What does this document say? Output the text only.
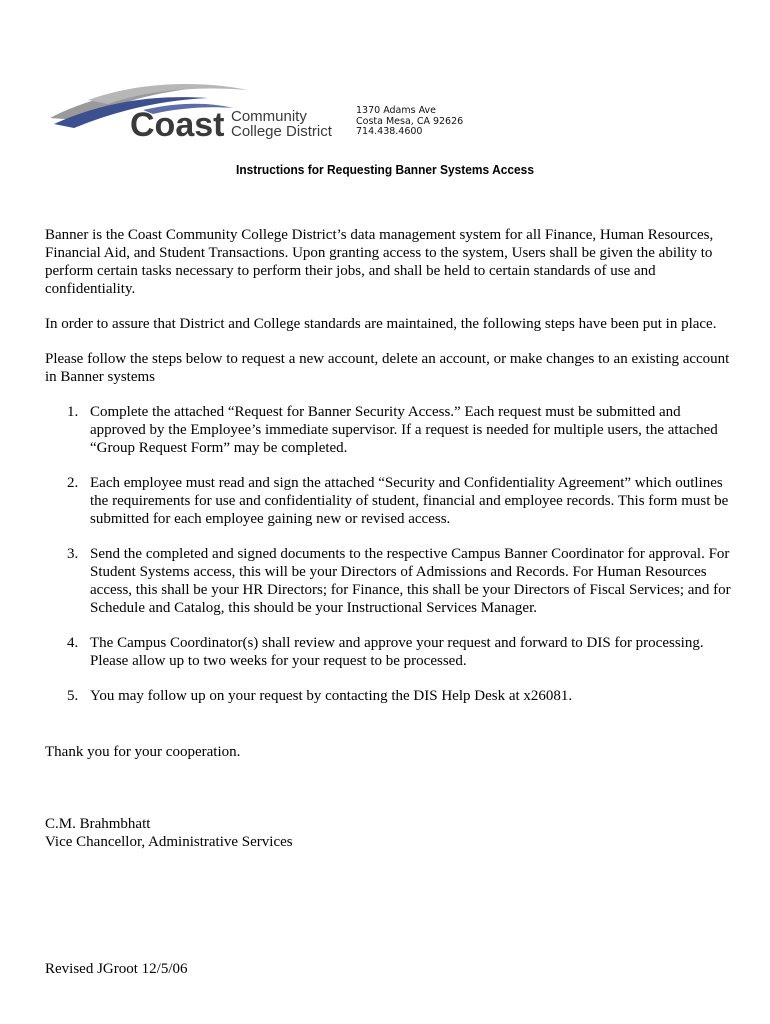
Coast Community
College District
1370 Adams Ave
Costa Mesa, CA 92626
714.438.4600
Instructions for Requesting Banner Systems Access

Banner is the Coast Community College District’s data management system for all Finance, Human Resources, Financial Aid, and Student Transactions. Upon granting access to the system, Users shall be given the ability to perform certain tasks necessary to perform their jobs, and shall be held to certain standards of use and confidentiality.

In order to assure that District and College standards are maintained, the following steps have been put in place.

Please follow the steps below to request a new account, delete an account, or make changes to an existing account in Banner systems

1. Complete the attached “Request for Banner Security Access.” Each request must be submitted and approved by the Employee’s immediate supervisor. If a request is needed for multiple users, the attached “Group Request Form” may be completed.
2. Each employee must read and sign the attached “Security and Confidentiality Agreement” which outlines the requirements for use and confidentiality of student, financial and employee records. This form must be submitted for each employee gaining new or revised access.
3. Send the completed and signed documents to the respective Campus Banner Coordinator for approval. For Student Systems access, this will be your Directors of Admissions and Records. For Human Resources access, this shall be your HR Directors; for Finance, this shall be your Directors of Fiscal Services; and for Schedule and Catalog, this should be your Instructional Services Manager.
4. The Campus Coordinator(s) shall review and approve your request and forward to DIS for processing. Please allow up to two weeks for your request to be processed.
5. You may follow up on your request by contacting the DIS Help Desk at x26081.
Thank you for your cooperation.
C.M. Brahmbhatt
Vice Chancellor, Administrative Services
Revised JGroot 12/5/06
